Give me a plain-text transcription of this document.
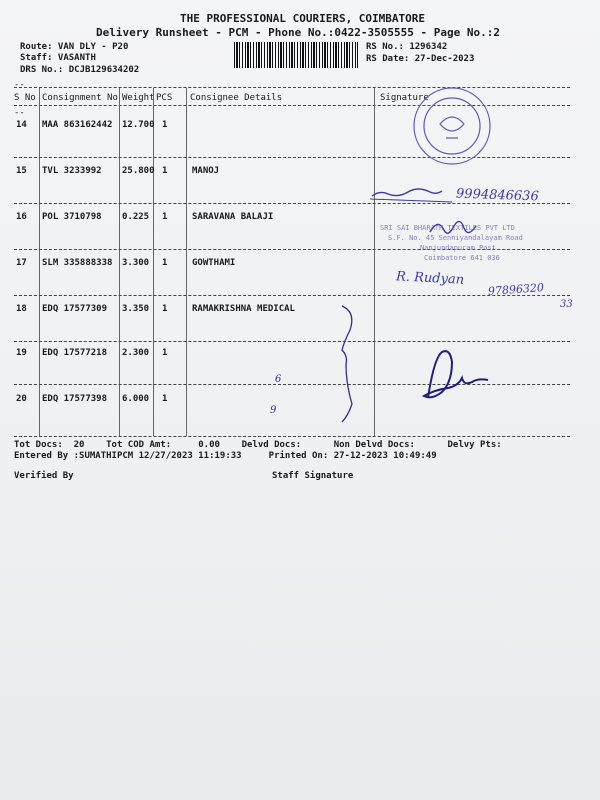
THE PROFESSIONAL COURIERS, COIMBATORE
Delivery Runsheet - PCM - Phone No.:0422-3505555 - Page No.:2
Route: VAN DLY - P20
Staff: VASANTH
DRS No.: DCJB129634202
RS No.: 1296342
RS Date: 27-Dec-2023
--
S No Consignment No Weight PCS Consignee Details	Signature
--
14 MAA 863162442 12.700 1
15 TVL 3233992 25.800 1	MANOJ
16 POL 3710798 0.225 1	SARAVANA BALAJI
17 SLM 335888338 3.300 1	GOWTHAMI
18 EDQ 17577309 3.350 1	RAMAKRISHNA MEDICAL
19 EDQ 17577218 2.300 1
20 EDQ 17577398 6.000 1
Tot Docs:  20    Tot COD Amt:     0.00    Delvd Docs:      Non Delvd Docs:      Delvy Pts:
Entered By :SUMATHIPCM 12/27/2023 11:19:33     Printed On: 27-12-2023 10:49:49
Verified By	Staff Signature
9994846636
R. Rudyan
97896320
33
6
9
SRI SAI BHARATH TEXTILES PVT LTD
S.F. No. 45 Senniyandalayam Road
Nanjundapuram Post
Coimbatore 641 036
